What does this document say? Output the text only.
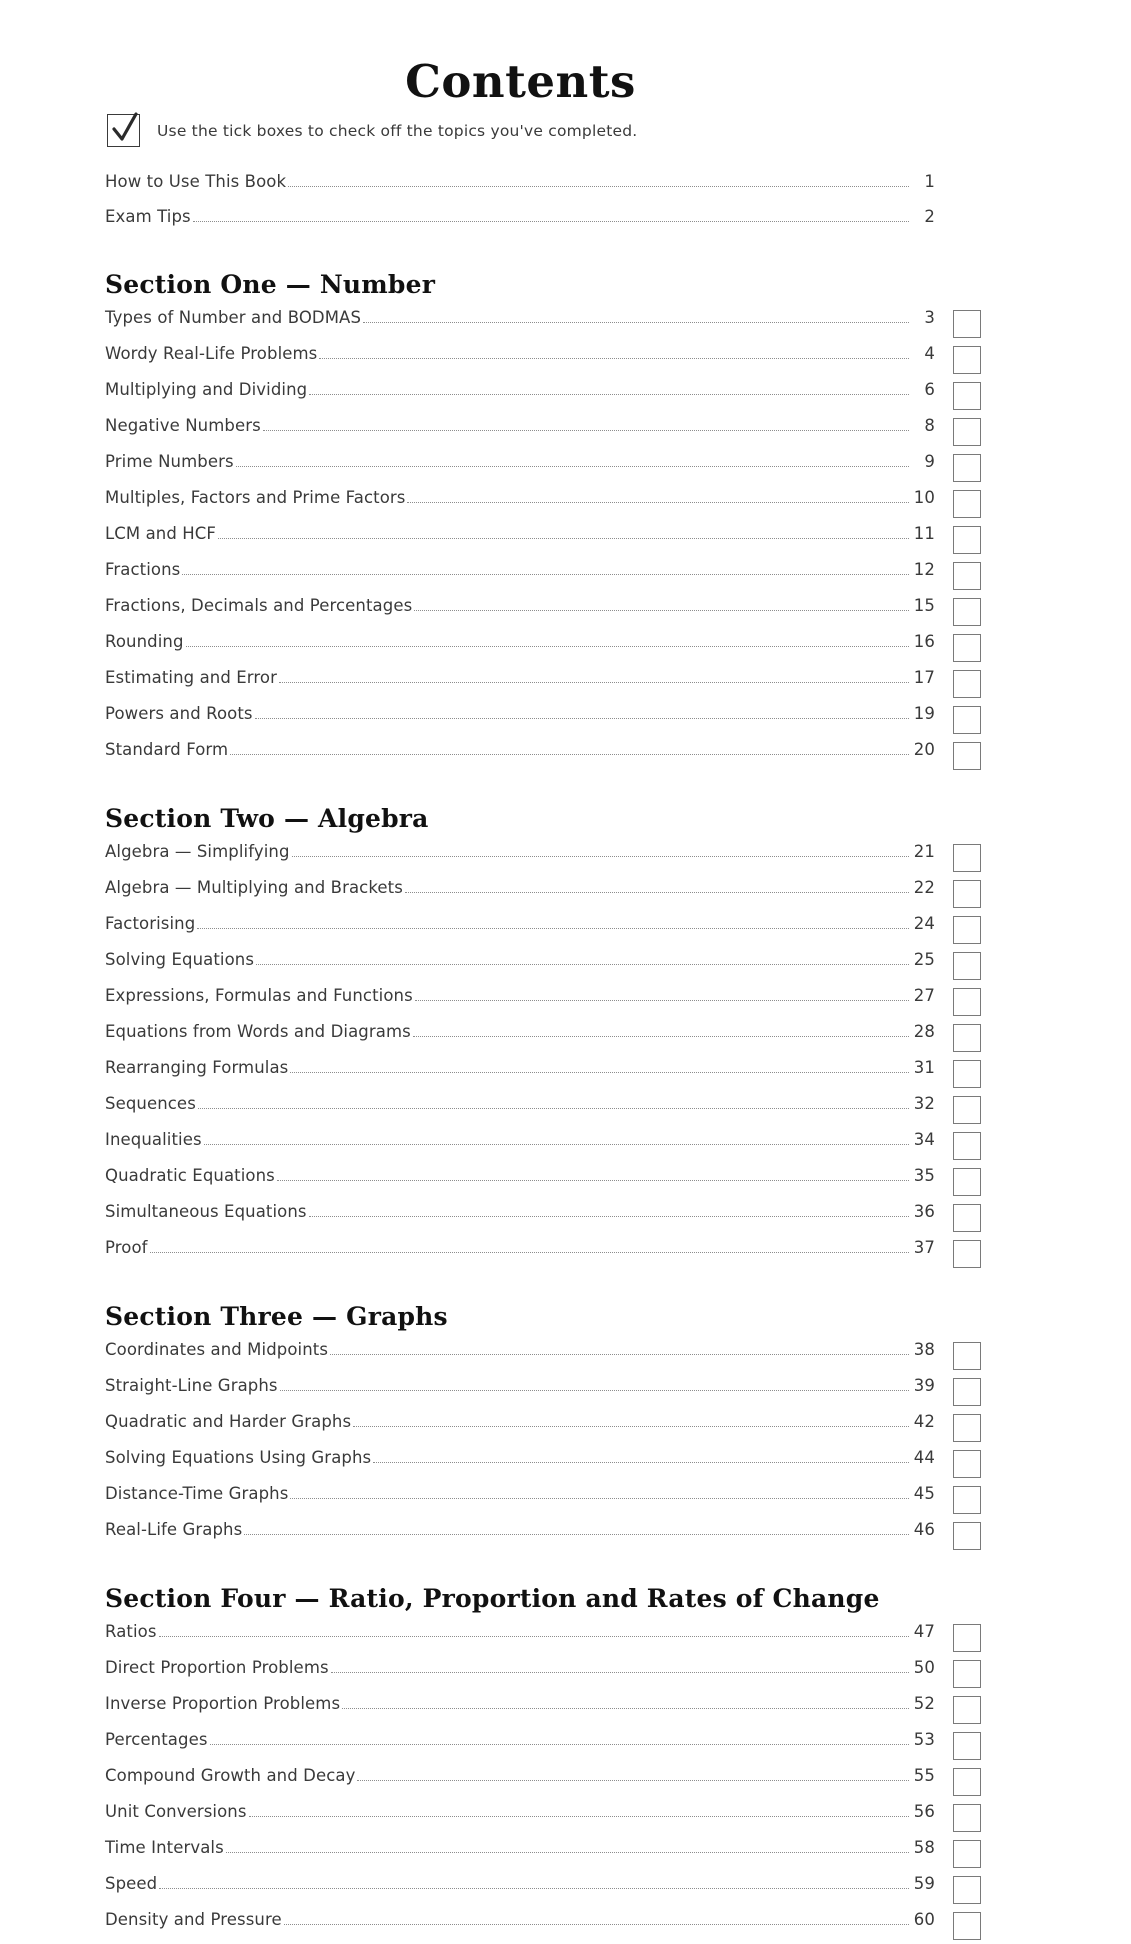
Contents
Use the tick boxes to check off the topics you've completed.
How to Use This Book	1
Exam Tips	2
Section One — Number
Types of Number and BODMAS	3
Wordy Real-Life Problems	4
Multiplying and Dividing	6
Negative Numbers	8
Prime Numbers	9
Multiples, Factors and Prime Factors	10
LCM and HCF	11
Fractions	12
Fractions, Decimals and Percentages	15
Rounding	16
Estimating and Error	17
Powers and Roots	19
Standard Form	20
Section Two — Algebra
Algebra — Simplifying	21
Algebra — Multiplying and Brackets	22
Factorising	24
Solving Equations	25
Expressions, Formulas and Functions	27
Equations from Words and Diagrams	28
Rearranging Formulas	31
Sequences	32
Inequalities	34
Quadratic Equations	35
Simultaneous Equations	36
Proof	37
Section Three — Graphs
Coordinates and Midpoints	38
Straight-Line Graphs	39
Quadratic and Harder Graphs	42
Solving Equations Using Graphs	44
Distance-Time Graphs	45
Real-Life Graphs	46
Section Four — Ratio, Proportion and Rates of Change
Ratios	47
Direct Proportion Problems	50
Inverse Proportion Problems	52
Percentages	53
Compound Growth and Decay	55
Unit Conversions	56
Time Intervals	58
Speed	59
Density and Pressure	60
